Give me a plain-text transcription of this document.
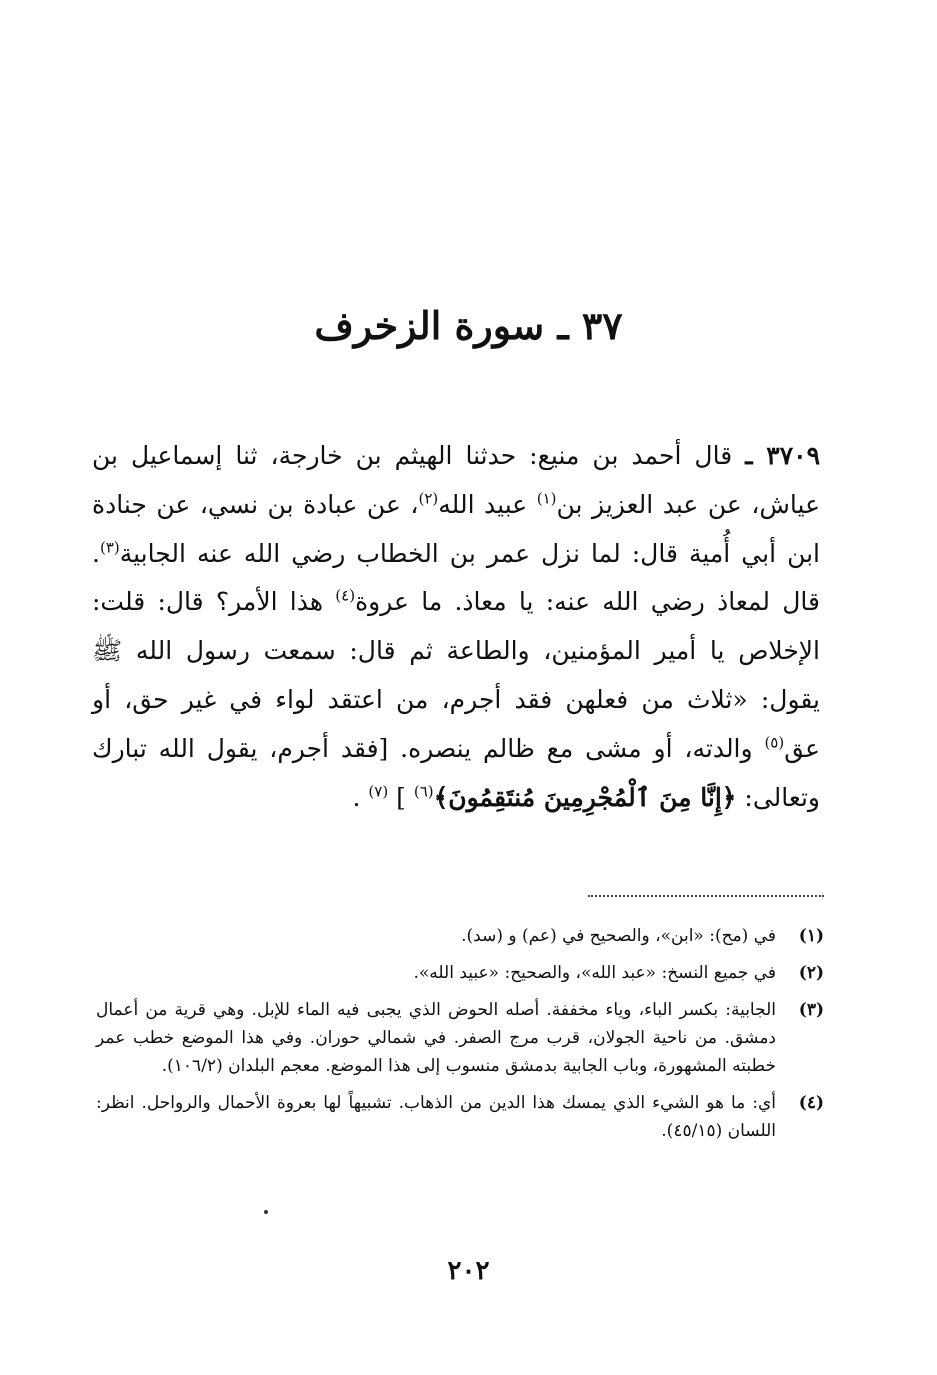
٣٧ ـ سورة الزخرف
٣٧٠٩ ـ قال أحمد بن منيع: حدثنا الهيثم بن خارجة، ثنا إسماعيل بن عياش، عن عبد العزيز بن$^{(١)}$ عبيد الله$^{(٢)}$، عن عبادة بن نسي، عن جنادة ابن أبي أُمية قال: لما نزل عمر بن الخطاب رضي الله عنه الجابية$^{(٣)}$. قال لمعاذ رضي الله عنه: يا معاذ. ما عروة$^{(٤)}$ هذا الأمر؟ قال: قلت: الإخلاص يا أمير المؤمنين، والطاعة ثم قال: سمعت رسول الله ﷺ يقول: «ثلاث من فعلهن فقد أجرم، من اعتقد لواء في غير حق، أو عق$^{(٥)}$ والدته، أو مشى مع ظالم ينصره. [فقد أجرم، يقول الله تبارك وتعالى: ﴿إِنَّا مِنَ ٱلْمُجْرِمِينَ مُنتَقِمُونَ﴾$^{(٦)}$ ] $^{(٧)}$ .
(١)
في (مح): «ابن»، والصحيح في (عم) و (سد).
(٢)
في جميع النسخ: «عبد الله»، والصحيح: «عبيد الله».
(٣)
الجابية: بكسر الباء، وياء مخففة. أصله الحوض الذي يجبى فيه الماء للإبل. وهي قرية من أعمال دمشق. من ناحية الجولان، قرب مرج الصفر. في شمالي حوران. وفي هذا الموضع خطب عمر خطبته المشهورة، وباب الجابية بدمشق منسوب إلى هذا الموضع. معجم البلدان (١٠٦/٢).
(٤)
أي: ما هو الشيء الذي يمسك هذا الدين من الذهاب. تشبيهاً لها بعروة الأحمال والرواحل. انظر: اللسان (٤٥/١٥).
٢٠٢
